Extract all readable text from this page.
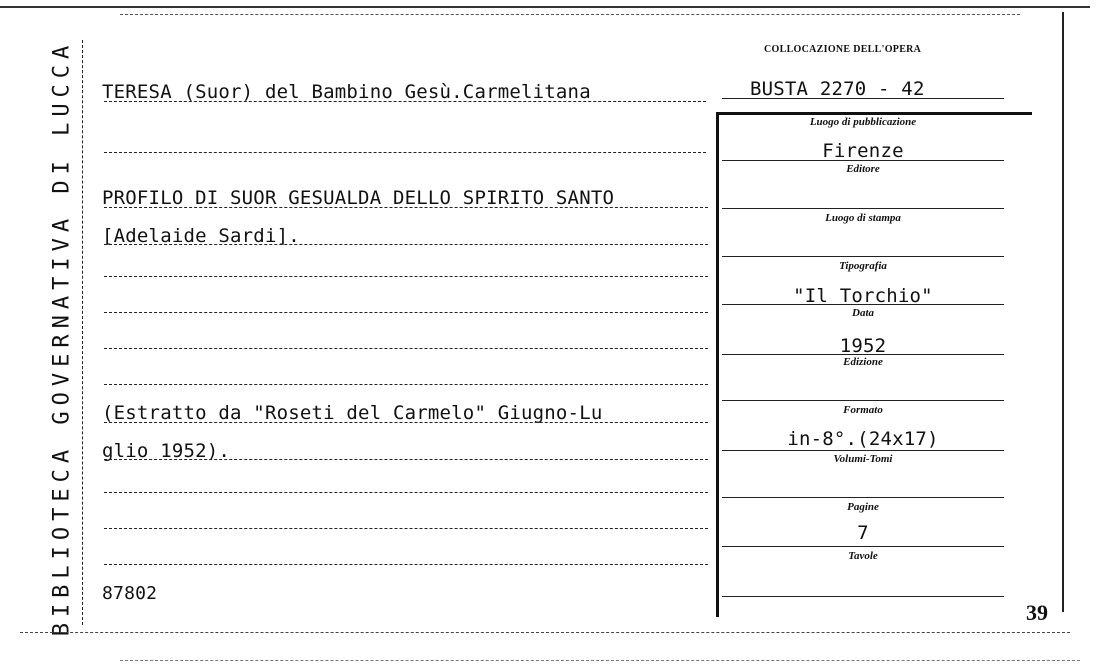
BIBLIOTECA GOVERNATIVA DI LUCCA	COLLOCAZIONE DELL'OPERA
BUSTA 2270 - 42
TERESA (Suor) del Bambino Gesù.Carmelitana
PROFILO DI SUOR GESUALDA DELLO SPIRITO SANTO
[Adelaide Sardi].
(Estratto da "Roseti del Carmelo" Giugno-Lu
glio 1952).
87802
Luogo di pubblicazione
Firenze
Editore
Luogo di stampa
Tipografia
"Il Torchio"
Data
1952
Edizione
Formato
in-8°.(24x17)
Volumi-Tomi
Pagine
7
Tavole
39
